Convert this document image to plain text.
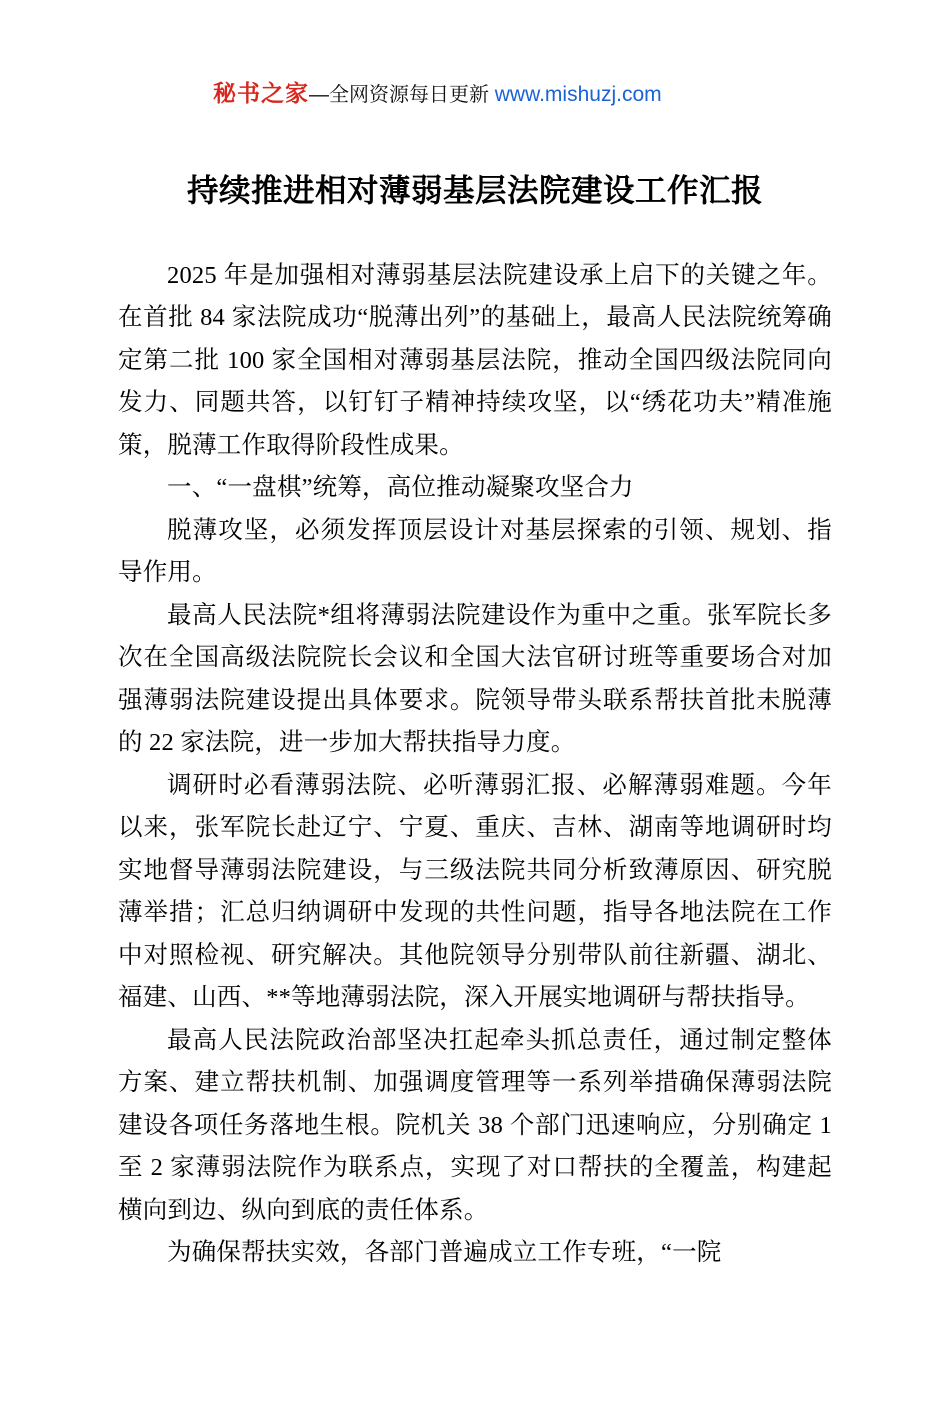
秘书之家—全网资源每日更新 www.mishuzj.com
持续推进相对薄弱基层法院建设工作汇报

2025 年是加强相对薄弱基层法院建设承上启下的关键之年。在首批 84 家法院成功“脱薄出列”的基础上，最高人民法院统筹确定第二批 100 家全国相对薄弱基层法院，推动全国四级法院同向发力、同题共答，以钉钉子精神持续攻坚，以“绣花功夫”精准施策，脱薄工作取得阶段性成果。

一、“一盘棋”统筹，高位推动凝聚攻坚合力

脱薄攻坚，必须发挥顶层设计对基层探索的引领、规划、指导作用。

最高人民法院*组将薄弱法院建设作为重中之重。张军院长多次在全国高级法院院长会议和全国大法官研讨班等重要场合对加强薄弱法院建设提出具体要求。院领导带头联系帮扶首批未脱薄的 22 家法院，进一步加大帮扶指导力度。

调研时必看薄弱法院、必听薄弱汇报、必解薄弱难题。今年以来，张军院长赴辽宁、宁夏、重庆、吉林、湖南等地调研时均实地督导薄弱法院建设，与三级法院共同分析致薄原因、研究脱薄举措；汇总归纳调研中发现的共性问题，指导各地法院在工作中对照检视、研究解决。其他院领导分别带队前往新疆、湖北、福建、山西、**等地薄弱法院，深入开展实地调研与帮扶指导。

最高人民法院政治部坚决扛起牵头抓总责任，通过制定整体方案、建立帮扶机制、加强调度管理等一系列举措确保薄弱法院建设各项任务落地生根。院机关 38 个部门迅速响应，分别确定 1 至 2 家薄弱法院作为联系点，实现了对口帮扶的全覆盖，构建起横向到边、纵向到底的责任体系。

为确保帮扶实效，各部门普遍成立工作专班，“一院
